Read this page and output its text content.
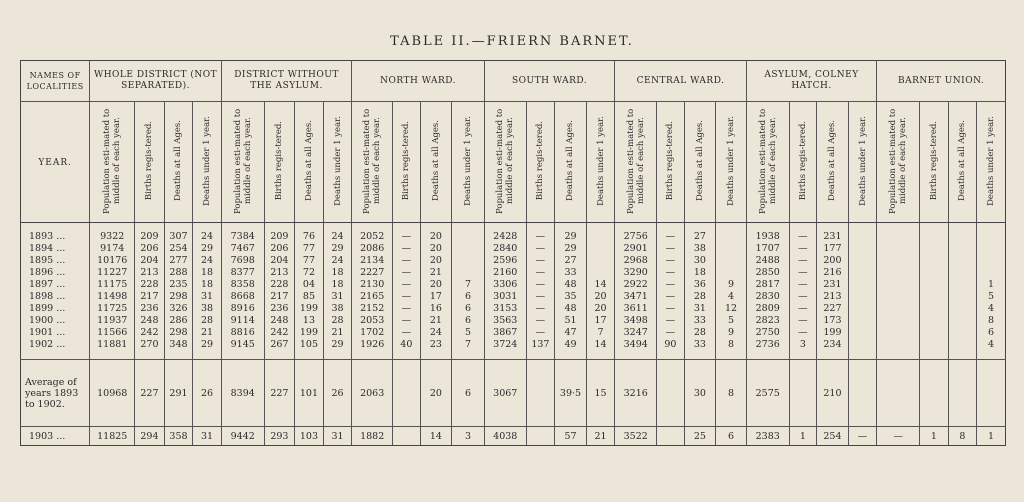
TABLE II.—FRIERN BARNET.
NAMES OF LOCALITIES	WHOLE DISTRICT (NOT SEPARATED).				DISTRICT WITHOUT THE ASYLUM.				NORTH WARD.				SOUTH WARD.				CENTRAL WARD.				ASYLUM, COLNEY HATCH.				BARNET UNION.			
YEAR.	Population esti-mated to middle of each year.	Births regis-tered.	Deaths at all Ages.	Deaths under 1 year.	Population esti-mated to middle of each year.	Births regis-tered.	Deaths at all Ages.	Deaths under 1 year.	Population esti-mated to middle of each year.	Births regis-tered.	Deaths at all Ages.	Deaths under 1 year.	Population esti-mated to middle of each year.	Births regis-tered.	Deaths at all Ages.	Deaths under 1 year.	Population esti-mated to middle of each year.	Births regis-tered.	Deaths at all Ages.	Deaths under 1 year.	Population esti-mated to middle of each year.	Births regis-tered.	Deaths at all Ages.	Deaths under 1 year.	Population esti-mated to middle of each year.	Births regis-tered.	Deaths at all Ages.	Deaths under 1 year.
1893 ...	9322	209	307	24	7384	209	76	24	2052	—	20		2428	—	29		2756	—	27		1938	—	231					
1894 ...	9174	206	254	29	7467	206	77	29	2086	—	20		2840	—	29		2901	—	38		1707	—	177					
1895 ...	10176	204	277	24	7698	204	77	24	2134	—	20		2596	—	27		2968	—	30		2488	—	200					
1896 ...	11227	213	288	18	8377	213	72	18	2227	—	21		2160	—	33		3290	—	18		2850	—	216					
1897 ...	11175	228	235	18	8358	228	04	18	2130	—	20	7	3306	—	48	14	2922	—	36	9	2817	—	231					1
1898 ...	11498	217	298	31	8668	217	85	31	2165	—	17	6	3031	—	35	20	3471	—	28	4	2830	—	213					5
1899 ...	11725	236	326	38	8916	236	199	38	2152	—	16	6	3153	—	48	20	3611	—	31	12	2809	—	227					4
1900 ...	11937	248	286	28	9114	248	13	28	2053	—	21	6	3563	—	51	17	3498	—	33	5	2823	—	173					8
1901 ...	11566	242	298	21	8816	242	199	21	1702	—	24	5	3867	—	47	7	3247	—	28	9	2750	—	199					6
1902 ...	11881	270	348	29	9145	267	105	29	1926	40	23	7	3724	137	49	14	3494	90	33	8	2736	3	234					4
Average of years 1893 to 1902.	10968	227	291	26	8394	227	101	26	2063		20	6	3067		39·5	15	3216		30	8	2575		210					
1903 ...	11825	294	358	31	9442	293	103	31	1882		14	3	4038		57	21	3522		25	6	2383	1	254	—	—	1	8	1
